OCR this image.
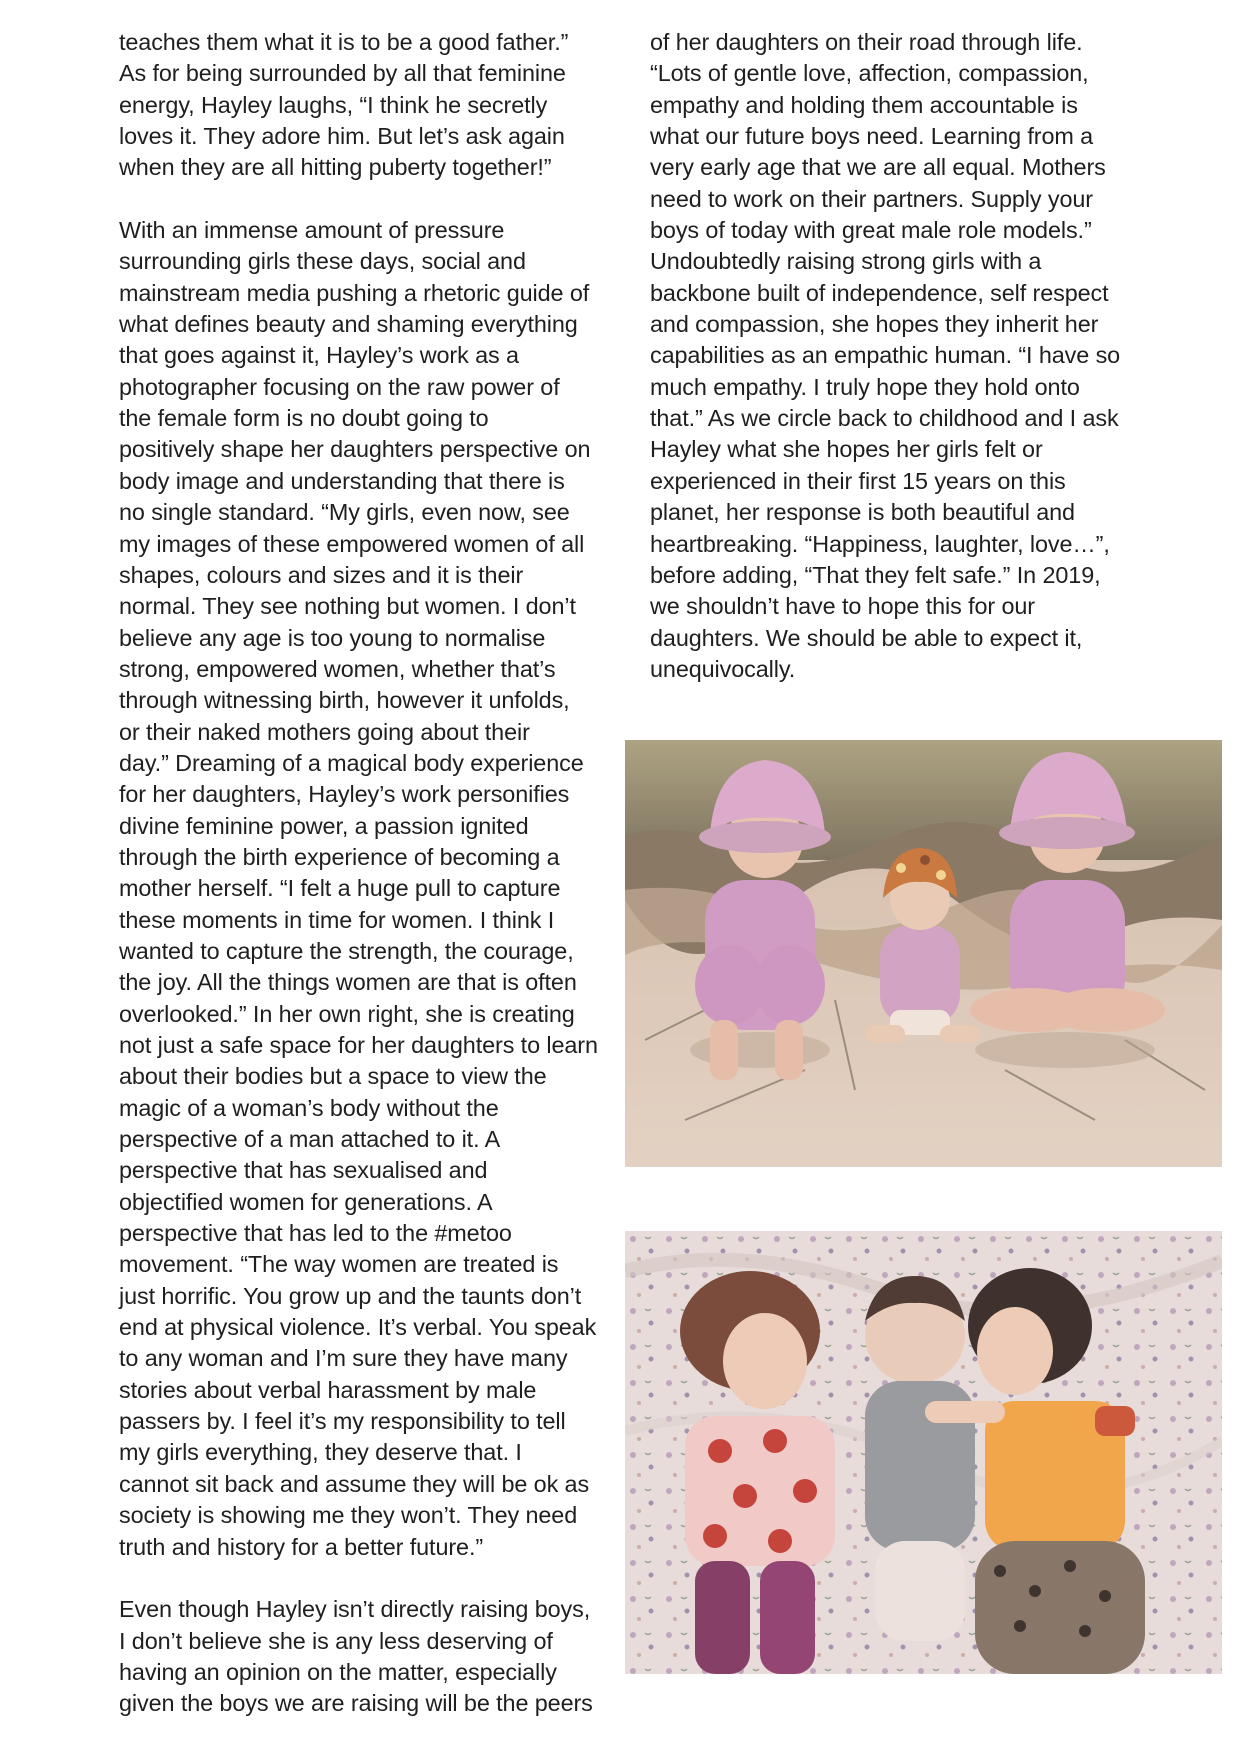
teaches them what it is to be a good father.”
As for being surrounded by all that feminine
energy, Hayley laughs, “I think he secretly
loves it. They adore him. But let’s ask again
when they are all hitting puberty together!”

With an immense amount of pressure
surrounding girls these days, social and
mainstream media pushing a rhetoric guide of
what defines beauty and shaming everything
that goes against it, Hayley’s work as a
photographer focusing on the raw power of
the female form is no doubt going to
positively shape her daughters perspective on
body image and understanding that there is
no single standard. “My girls, even now, see
my images of these empowered women of all
shapes, colours and sizes and it is their
normal. They see nothing but women. I don’t
believe any age is too young to normalise
strong, empowered women, whether that’s
through witnessing birth, however it unfolds,
or their naked mothers going about their
day.” Dreaming of a magical body experience
for her daughters, Hayley’s work personifies
divine feminine power, a passion ignited
through the birth experience of becoming a
mother herself. “I felt a huge pull to capture
these moments in time for women. I think I
wanted to capture the strength, the courage,
the joy. All the things women are that is often
overlooked.” In her own right, she is creating
not just a safe space for her daughters to learn
about their bodies but a space to view the
magic of a woman’s body without the
perspective of a man attached to it. A
perspective that has sexualised and
objectified women for generations. A
perspective that has led to the #metoo
movement. “The way women are treated is
just horrific. You grow up and the taunts don’t
end at physical violence. It’s verbal. You speak
to any woman and I’m sure they have many
stories about verbal harassment by male
passers by. I feel it’s my responsibility to tell
my girls everything, they deserve that. I
cannot sit back and assume they will be ok as
society is showing me they won’t. They need
truth and history for a better future.”

Even though Hayley isn’t directly raising boys,
I don’t believe she is any less deserving of
having an opinion on the matter, especially
given the boys we are raising will be the peers

of her daughters on their road through life.
“Lots of gentle love, affection, compassion,
empathy and holding them accountable is
what our future boys need. Learning from a
very early age that we are all equal. Mothers
need to work on their partners. Supply your
boys of today with great male role models.”
Undoubtedly raising strong girls with a
backbone built of independence, self respect
and compassion, she hopes they inherit her
capabilities as an empathic human. “I have so
much empathy. I truly hope they hold onto
that.” As we circle back to childhood and I ask
Hayley what she hopes her girls felt or
experienced in their first 15 years on this
planet, her response is both beautiful and
heartbreaking. “Happiness, laughter, love…”,
before adding, “That they felt safe.” In 2019,
we shouldn’t have to hope this for our
daughters. We should be able to expect it,
unequivocally.
